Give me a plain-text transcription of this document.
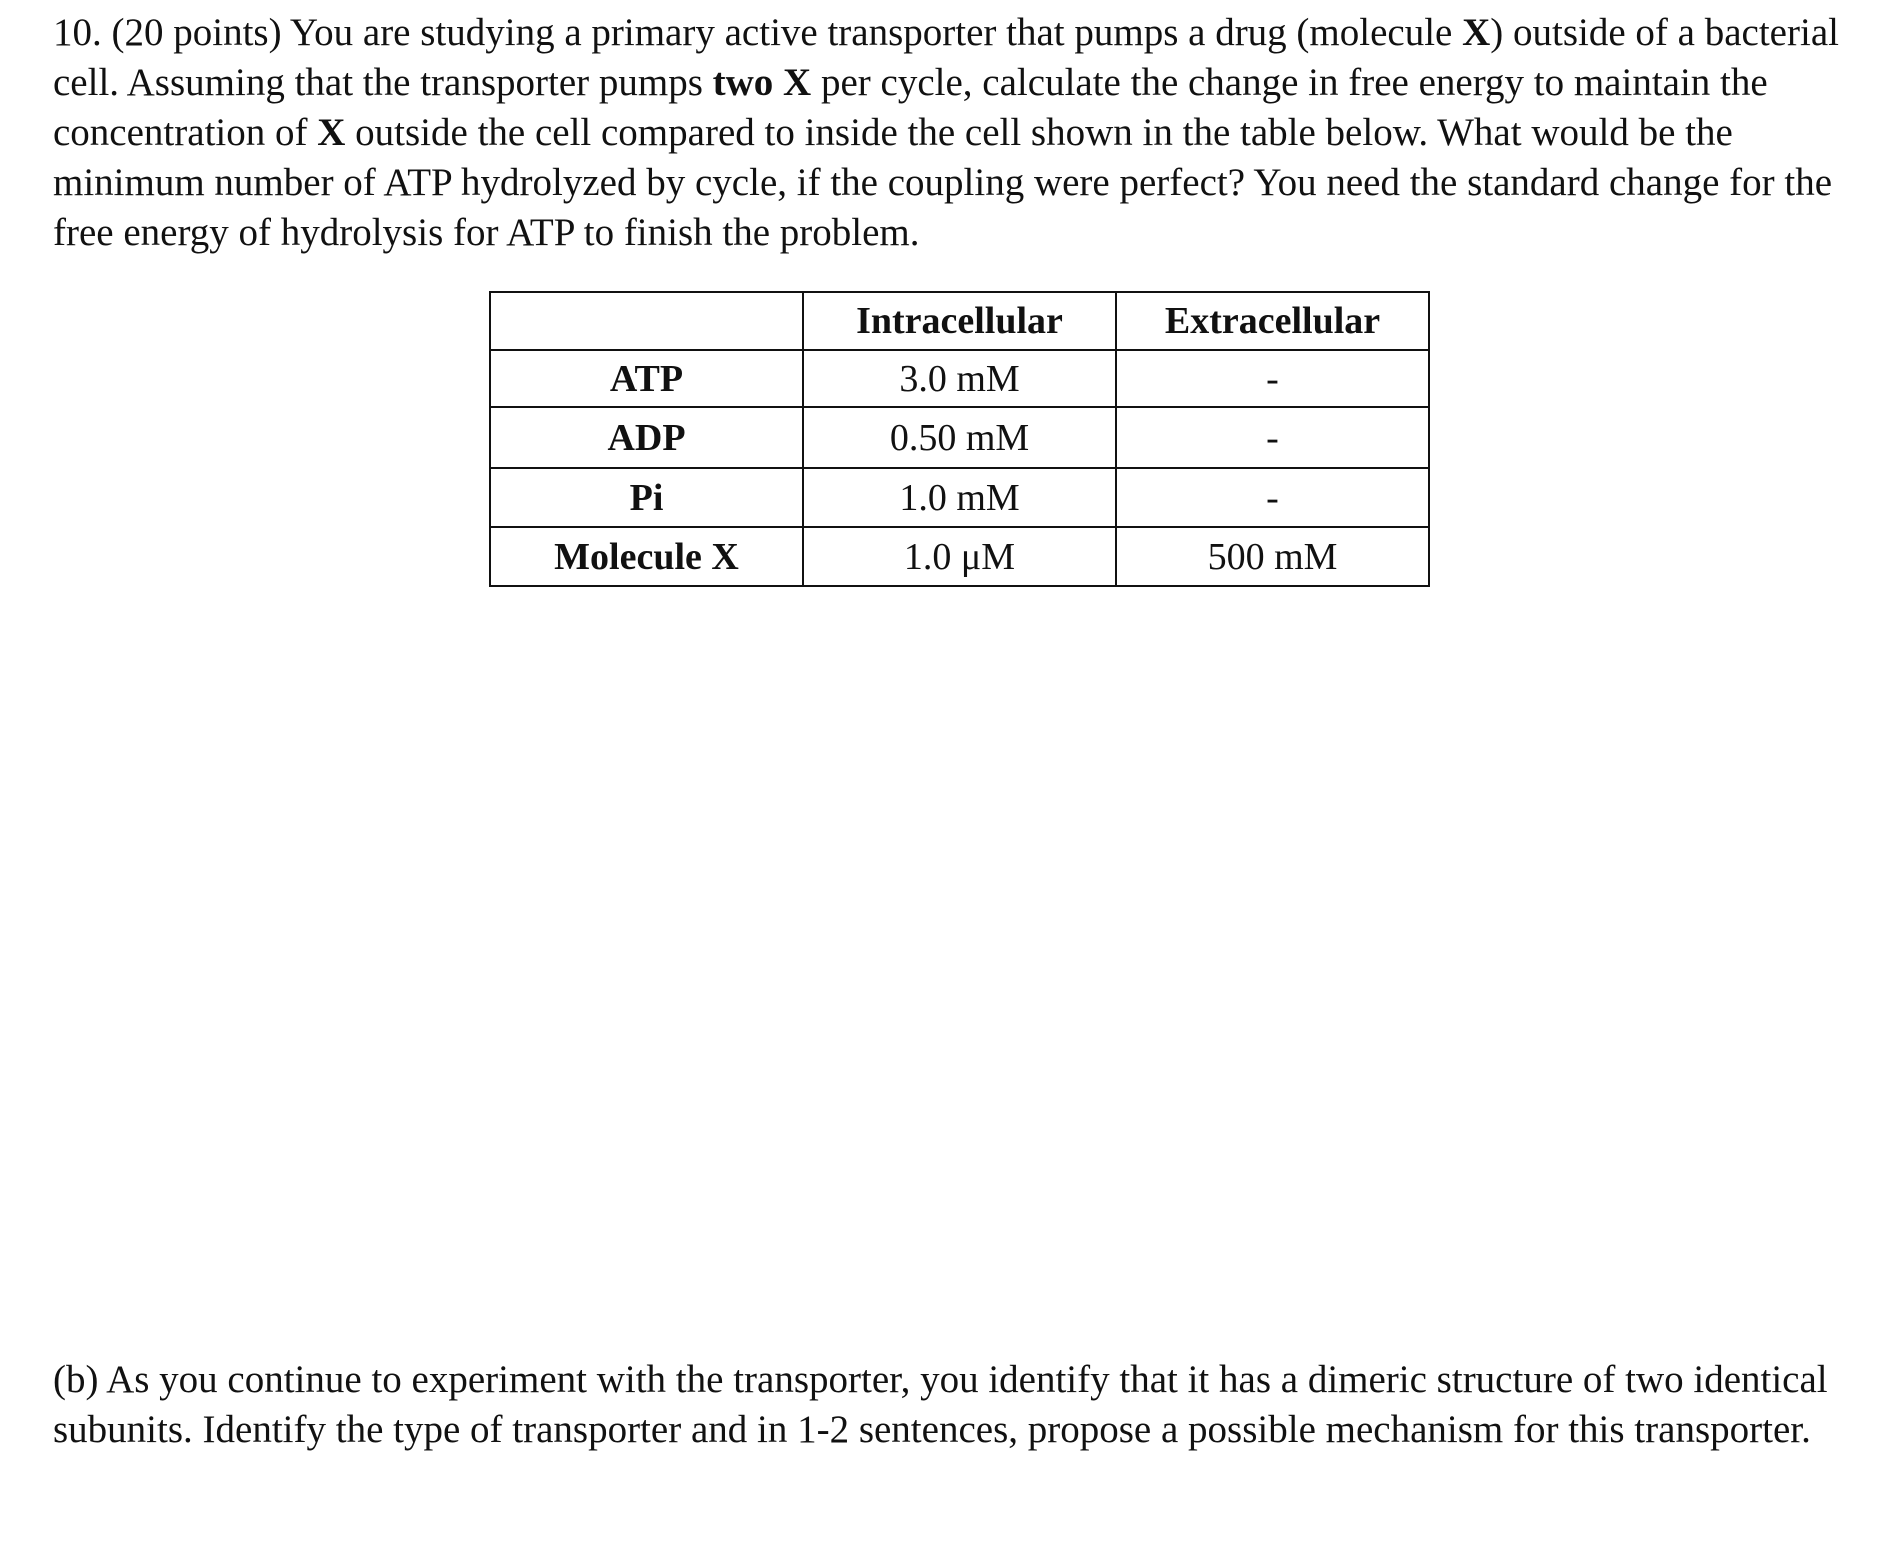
10. (20 points) You are studying a primary active transporter that pumps a drug (molecule X) outside of a bacterial cell. Assuming that the transporter pumps two X per cycle, calculate the change in free energy to maintain the concentration of X outside the cell compared to inside the cell shown in the table below. What would be the minimum number of ATP hydrolyzed by cycle, if the coupling were perfect? You need the standard change for the free energy of hydrolysis for ATP to finish the problem.

	Intracellular	Extracellular
ATP	3.0 mM	-
ADP	0.50 mM	-
Pi	1.0 mM	-
Molecule X	1.0 μM	500 mM

(b) As you continue to experiment with the transporter, you identify that it has a dimeric structure of two identical subunits. Identify the type of transporter and in 1-2 sentences, propose a possible mechanism for this transporter.
